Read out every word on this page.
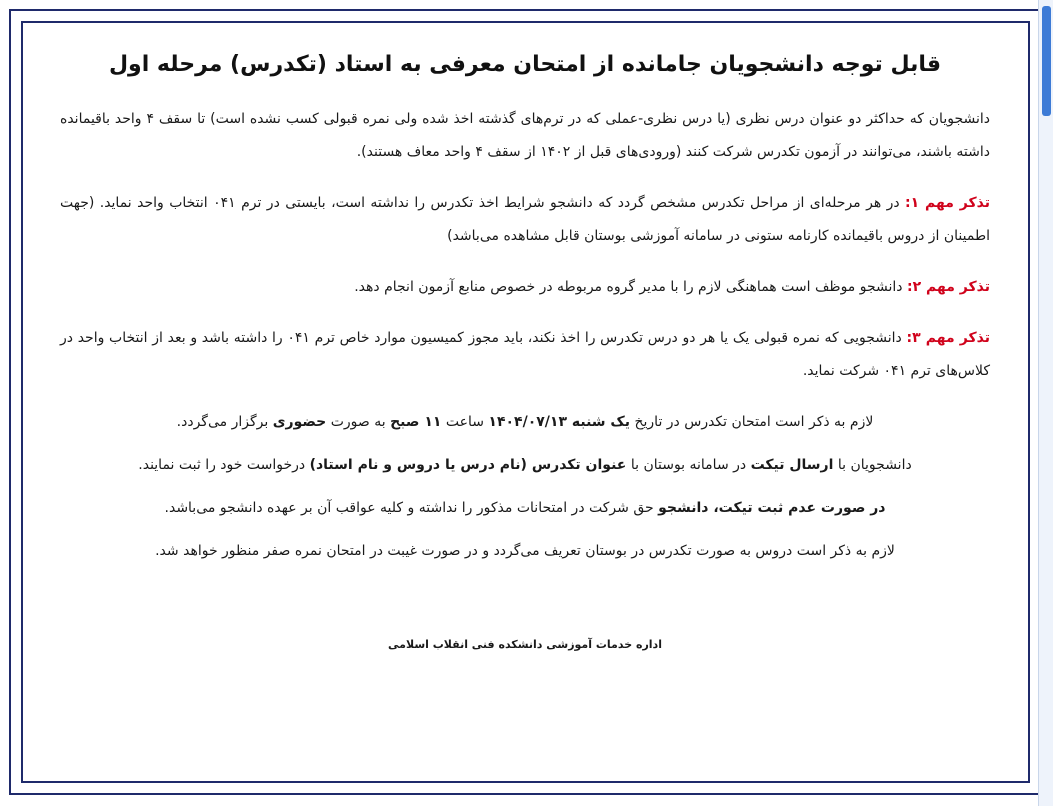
قابل توجه دانشجویان جامانده از امتحان معرفی به استاد (تکدرس) مرحله اول

دانشجویان که حداکثر دو عنوان درس نظری (یا درس نظری-عملی که در ترم‌های گذشته اخذ شده ولی نمره قبولی کسب نشده است) تا سقف ۴ واحد باقیمانده داشته باشند، می‌توانند در آزمون تکدرس شرکت کنند (ورودی‌های قبل از ۱۴۰۲ از سقف ۴ واحد معاف هستند).

تذکر مهم ۱: در هر مرحله‌ای از مراحل تکدرس مشخص گردد که دانشجو شرایط اخذ تکدرس را نداشته است، بایستی در ترم ۰۴۱ انتخاب واحد نماید. (جهت اطمینان از دروس باقیمانده کارنامه ستونی در سامانه آموزشی بوستان قابل مشاهده می‌باشد)

تذکر مهم ۲: دانشجو موظف است هماهنگی لازم را با مدیر گروه مربوطه در خصوص منابع آزمون انجام دهد.

تذکر مهم ۳: دانشجویی که نمره قبولی یک یا هر دو درس تکدرس را اخذ نکند، باید مجوز کمیسیون موارد خاص ترم ۰۴۱ را داشته باشد و بعد از انتخاب واحد در کلاس‌های ترم ۰۴۱ شرکت نماید.

لازم به ذکر است امتحان تکدرس در تاریخ یک شنبه ۱۴۰۴/۰۷/۱۳ ساعت ۱۱ صبح به صورت حضوری برگزار می‌گردد.

دانشجویان با ارسال تیکت در سامانه بوستان با عنوان تکدرس (نام درس یا دروس و نام استاد) درخواست خود را ثبت نمایند.

در صورت عدم ثبت تیکت، دانشجو حق شرکت در امتحانات مذکور را نداشته و کلیه عواقب آن بر عهده دانشجو می‌باشد.

لازم به ذکر است دروس به صورت تکدرس در بوستان تعریف می‌گردد و در صورت غیبت در امتحان نمره صفر منظور خواهد شد.

اداره خدمات آموزشی دانشکده فنی انقلاب اسلامی
